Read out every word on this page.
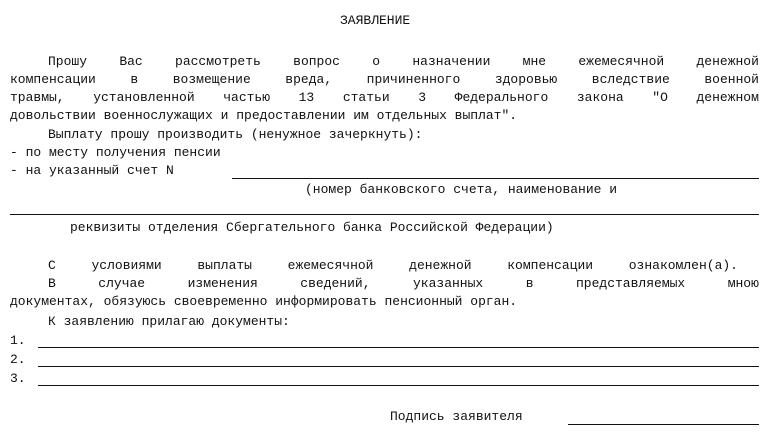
ЗАЯВЛЕНИЕ
Прошу Вас рассмотреть вопрос о назначении мне ежемесячной денежной
компенсации	в	возмещение	вреда,	причиненного	здоровью	вследствие	военной
травмы, установленной частью 13 статьи 3 Федерального закона "О денежном
довольствии военнослужащих и предоставлении им отдельных выплат".
Выплату прошу производить (ненужное зачеркнуть):
- по месту получения пенсии
- на указанный счет N
(номер банковского счета, наименование и
реквизиты отделения Сбергательного банка Российской Федерации)
С	условиями	выплаты	ежемесячной	денежной	компенсации	ознакомлен(а).
В	случае	изменения	сведений,	указанных	в	представляемых	мною
документах, обязуюсь своевременно информировать пенсионный орган.
К заявлению прилагаю документы:
1.
2.
3.
Подпись заявителя
